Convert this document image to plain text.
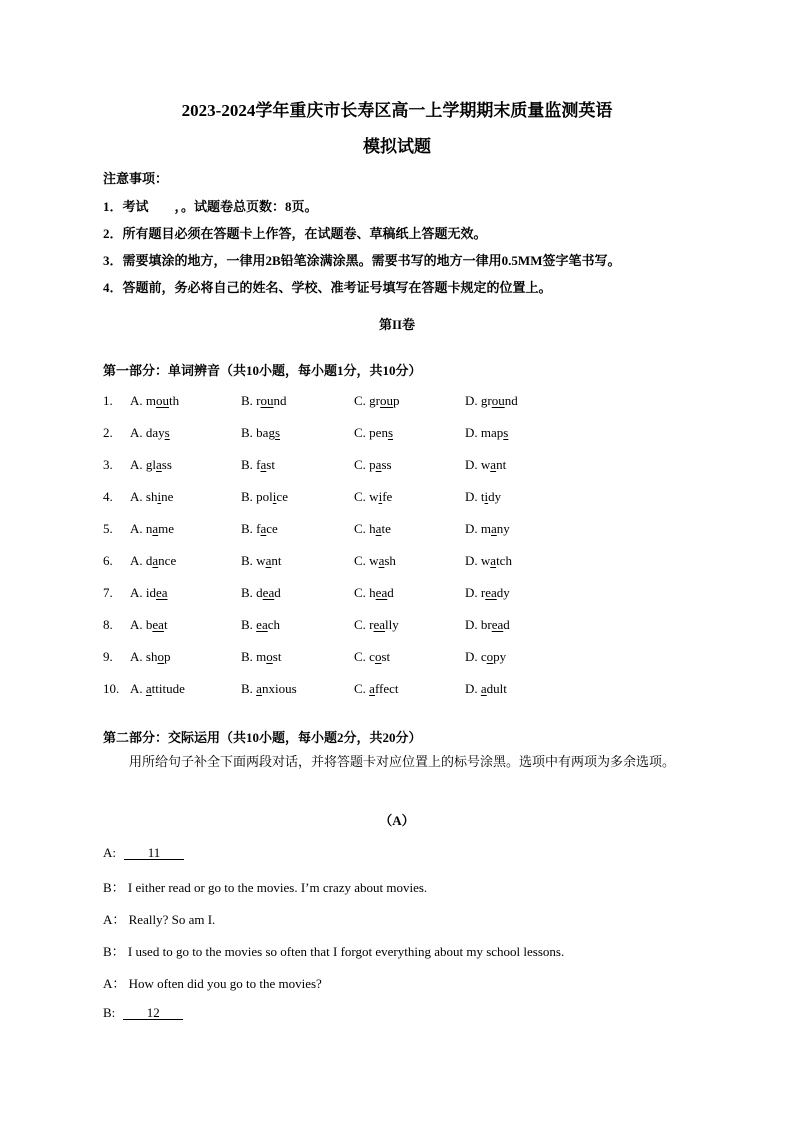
2023-2024学年重庆市长寿区高一上学期期末质量监测英语
模拟试题
注意事项：
1．考试　　，。试题卷总页数：8页。
2．所有题目必须在答题卡上作答，在试题卷、草稿纸上答题无效。
3．需要填涂的地方，一律用2B铅笔涂满涂黑。需要书写的地方一律用0.5MM签字笔书写。
4．答题前，务必将自己的姓名、学校、准考证号填写在答题卡规定的位置上。
第II卷
第一部分：单词辨音（共10小题，每小题1分，共10分）
1. A. mouth	B. round	C. group	D. ground
2. A. days	B. bags	C. pens	D. maps
3. A. glass	B. fast	C. pass	D. want
4. A. shine	B. police	C. wife	D. tidy
5. A. name	B. face	C. hate	D. many
6. A. dance	B. want	C. wash	D. watch
7. A. idea	B. dead	C. head	D. ready
8. A. beat	B. each	C. really	D. bread
9. A. shop	B. most	C. cost	D. copy
10. A. attitude	B. anxious	C. affect	D. adult
第二部分：交际运用（共10小题，每小题2分，共20分）
用所给句子补全下面两段对话，并将答题卡对应位置上的标号涂黑。选项中有两项为多余选项。
（A）
A: 11
B： I either read or go to the movies. I’m crazy about movies.
A： Really? So am I.
B： I used to go to the movies so often that I forgot everything about my school lessons.
A： How often did you go to the movies?
B: 12
